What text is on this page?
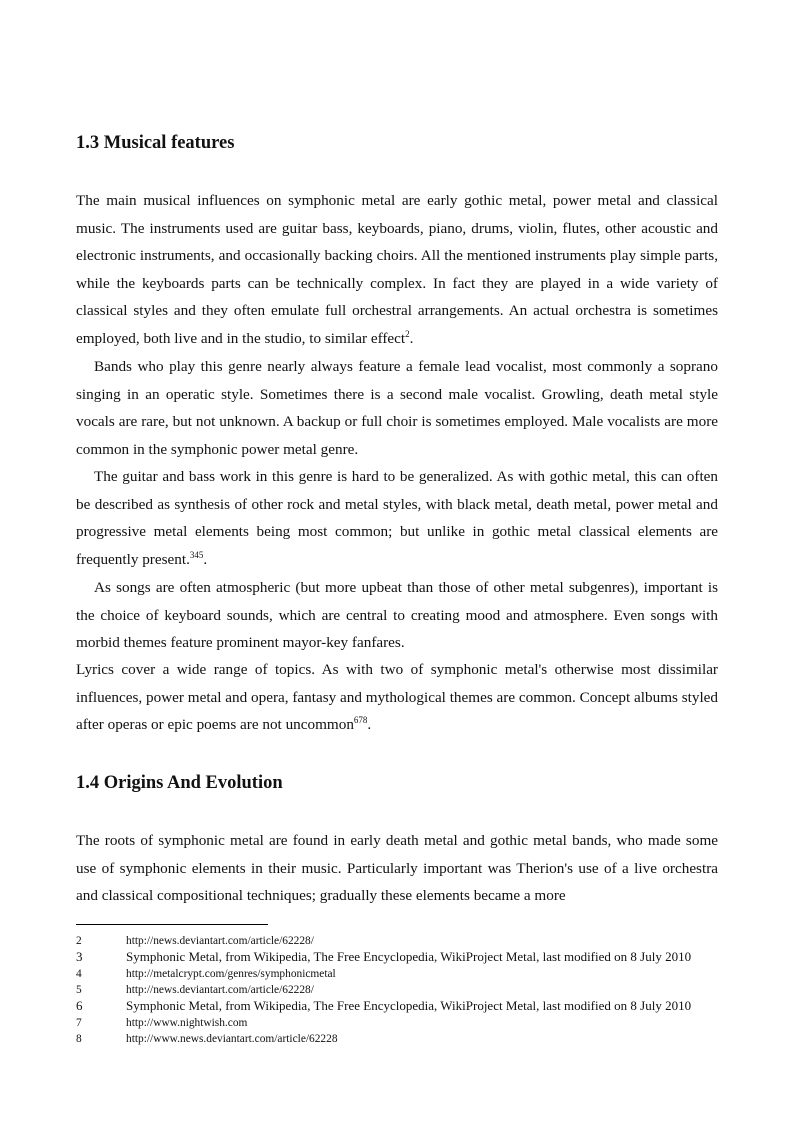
1.3 Musical features

The main musical influences on symphonic metal are early gothic metal, power metal and classical music. The instruments used are guitar bass, keyboards, piano, drums, violin, flutes, other acoustic and electronic instruments, and occasionally backing choirs. All the mentioned instruments play simple parts, while the keyboards parts can be technically complex. In fact they are played in a wide variety of classical styles and they often emulate full orchestral arrangements. An actual orchestra is sometimes employed, both live and in the studio, to similar effect$^2$.

Bands who play this genre nearly always feature a female lead vocalist, most commonly a soprano singing in an operatic style. Sometimes there is a second male vocalist. Growling, death metal style vocals are rare, but not unknown. A backup or full choir is sometimes employed. Male vocalists are more common in the symphonic power metal genre.

The guitar and bass work in this genre is hard to be generalized. As with gothic metal, this can often be described as synthesis of other rock and metal styles, with black metal, death metal, power metal and progressive metal elements being most common; but unlike in gothic metal classical elements are frequently present.$^{345}$.

As songs are often atmospheric (but more upbeat than those of other metal subgenres), important is the choice of keyboard sounds, which are central to creating mood and atmosphere. Even songs with morbid themes feature prominent mayor-key fanfares.

Lyrics cover a wide range of topics. As with two of symphonic metal's otherwise most dissimilar influences, power metal and opera, fantasy and mythological themes are common. Concept albums styled after operas or epic poems are not uncommon$^{678}$.

1.4 Origins And Evolution

The roots of symphonic metal are found in early death metal and gothic metal bands, who made some use of symphonic elements in their music. Particularly important was Therion's use of a live orchestra and classical compositional techniques; gradually these elements became a more

2	http://news.deviantart.com/article/62228/
3	Symphonic Metal, from Wikipedia, The Free Encyclopedia, WikiProject Metal, last modified on 8 July 2010
4	http://metalcrypt.com/genres/symphonicmetal
5	http://news.deviantart.com/article/62228/
6	Symphonic Metal, from Wikipedia, The Free Encyclopedia, WikiProject Metal, last modified on 8 July 2010
7	http://www.nightwish.com
8	http://www.news.deviantart.com/article/62228
